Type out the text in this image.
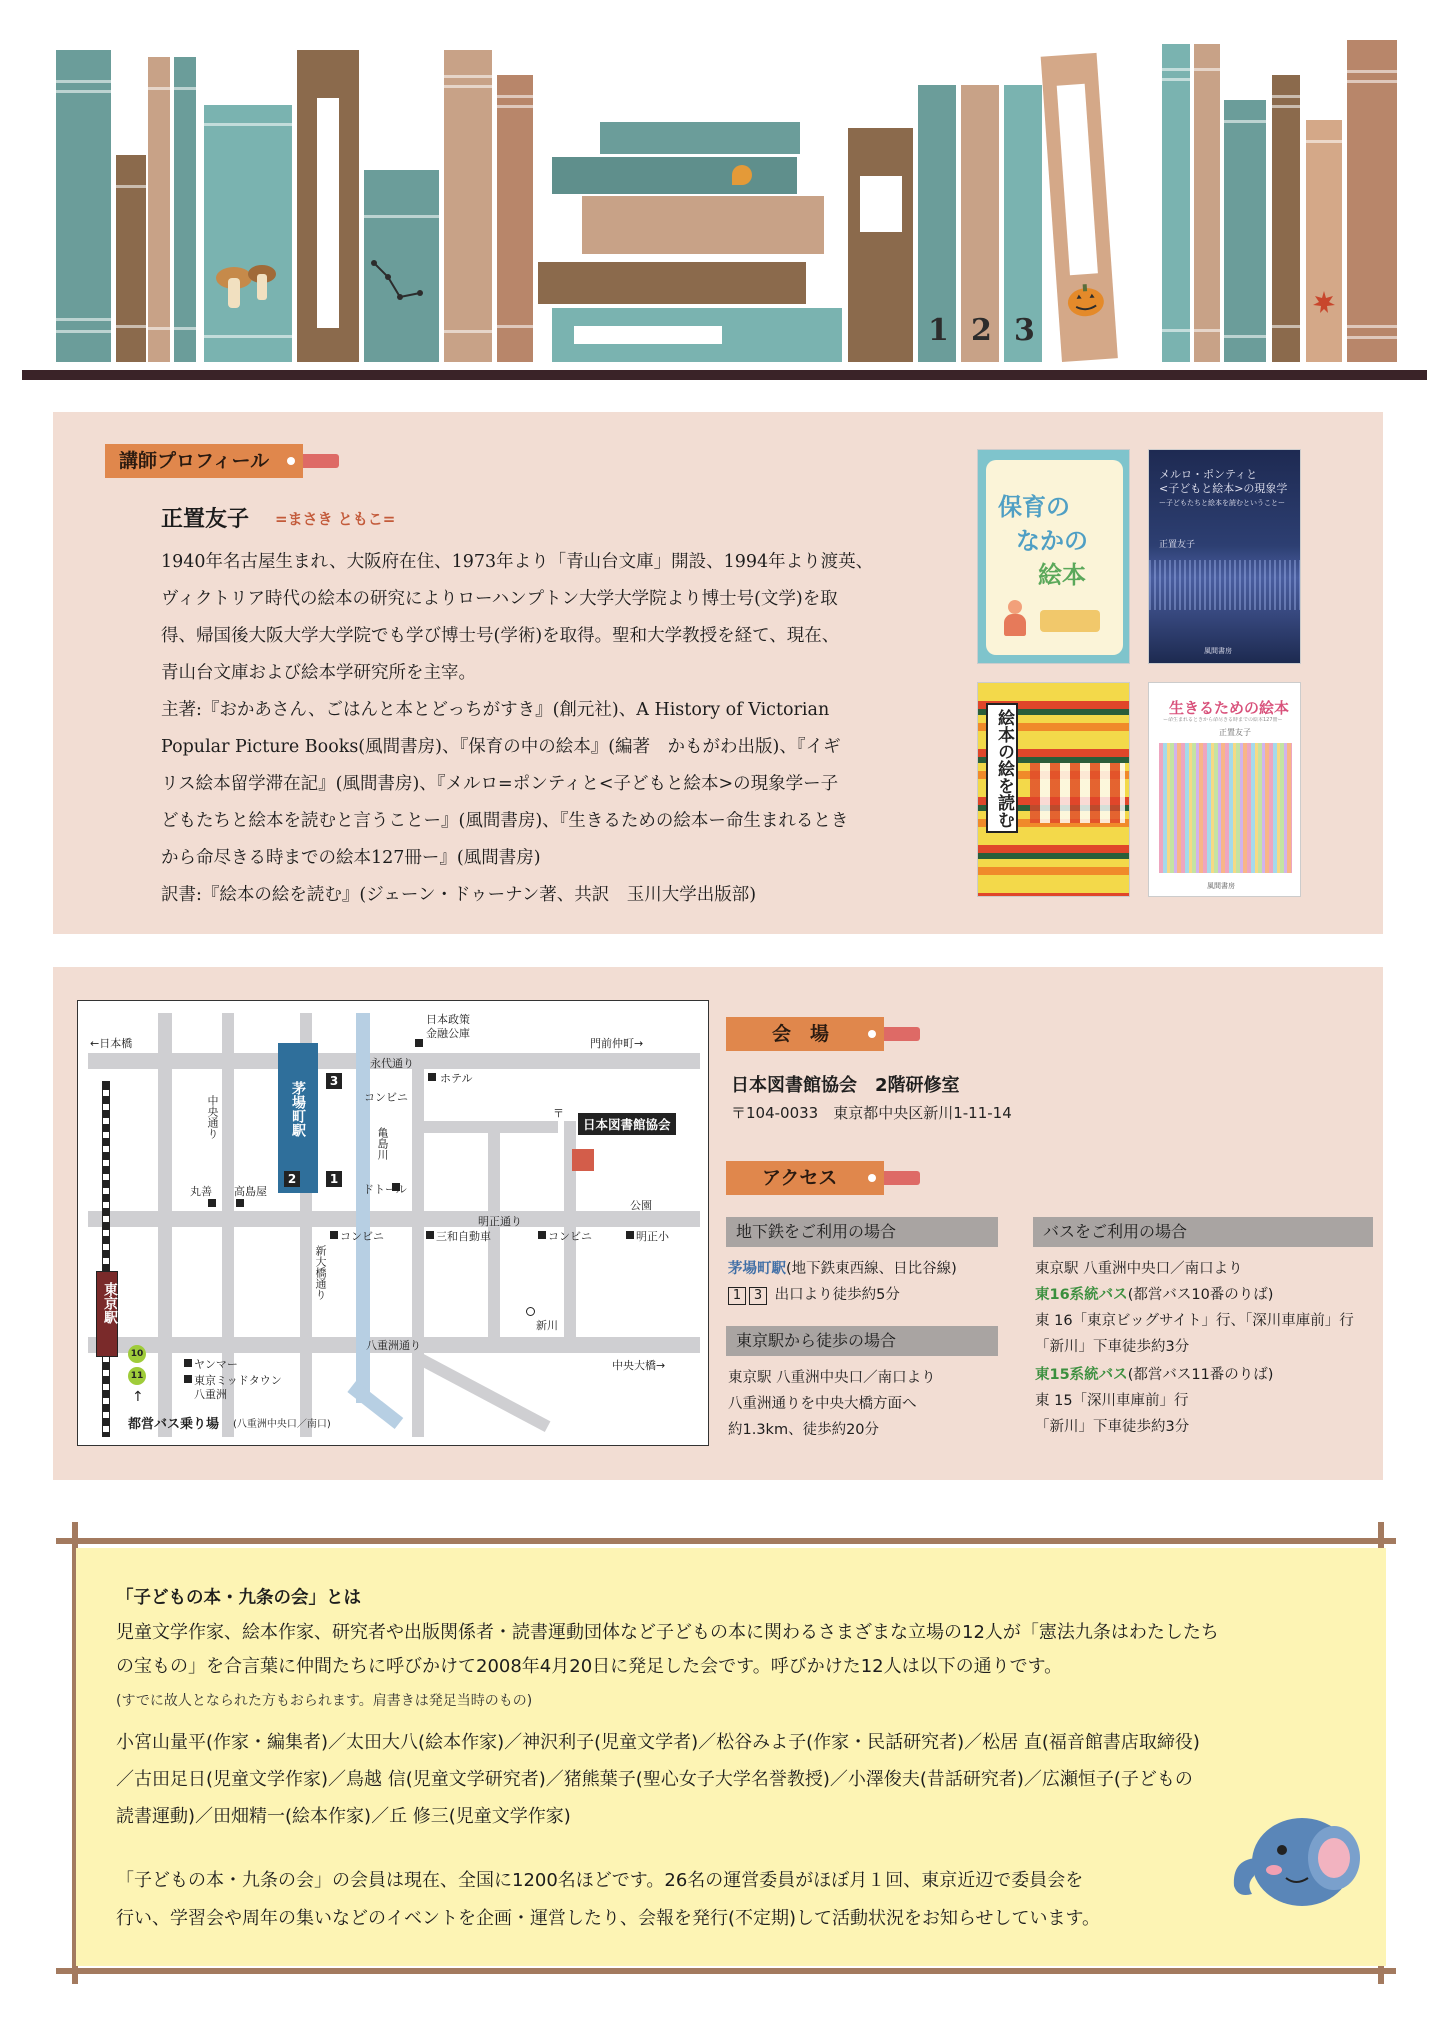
1 2 3
講師プロフィール
正置友子 =まさき ともこ=

1940年名古屋生まれ、大阪府在住、1973年より「青山台文庫」開設、1994年より渡英、

ヴィクトリア時代の絵本の研究によりローハンプトン大学大学院より博士号(文学)を取

得、帰国後大阪大学大学院でも学び博士号(学術)を取得。聖和大学教授を経て、現在、

青山台文庫および絵本学研究所を主宰。

主著:『おかあさん、ごはんと本とどっちがすき』(創元社)、A History of Victorian

Popular Picture Books(風間書房)、『保育の中の絵本』(編著　かもがわ出版)、『イギ

リス絵本留学滞在記』(風間書房)、『メルロ=ポンティと<子どもと絵本>の現象学ー子

どもたちと絵本を読むと言うことー』(風間書房)、『生きるための絵本ー命生まれるとき

から命尽きる時までの絵本127冊ー』(風間書房)

訳書:『絵本の絵を読む』(ジェーン・ドゥーナン著、共訳　玉川大学出版部)

保育の
なかの
絵本
メルロ・ポンティと
<子どもと絵本>の現象学
ー子どもたちと絵本を読むということー
正置友子
風間書房
絵本の絵を読む
生きるための絵本
ー命生まれるときから命尽きる時までの絵本127冊ー
正置友子
風間書房
東京駅
茅場町駅	3
2	1
日本図書館協会
←日本橋	門前仲町→
日本政策
金融公庫
永代通り
ホテル
コンビニ
中央通り
亀島川
〒
丸善 高島屋	ドトール
公園
明正通り
コンビニ	三和自動車	コンビニ	明正小
新大橋通り
新川
八重洲通り
中央大橋→
ヤンマー
東京ミッドタウン
八重洲
10
11
↑
都営バス乗り場 (八重洲中央口／南口)
会　場
日本図書館協会　2階研修室
〒104-0033　東京都中央区新川1-11-14
アクセス
地下鉄をご利用の場合
茅場町駅(地下鉄東西線、日比谷線)
1 3 出口より徒歩約5分
東京駅から徒歩の場合
東京駅 八重洲中央口／南口より
八重洲通りを中央大橋方面へ
約1.3km、徒歩約20分
バスをご利用の場合
東京駅 八重洲中央口／南口より
東16系統バス(都営バス10番のりば)
東 16「東京ビッグサイト」行、「深川車庫前」行
「新川」下車徒歩約3分
東15系統バス(都営バス11番のりば)
東 15「深川車庫前」行
「新川」下車徒歩約3分
「子どもの本・九条の会」とは
児童文学作家、絵本作家、研究者や出版関係者・読書運動団体など子どもの本に関わるさまざまな立場の12人が「憲法九条はわたしたち
の宝もの」を合言葉に仲間たちに呼びかけて2008年4月20日に発足した会です。呼びかけた12人は以下の通りです。
(すでに故人となられた方もおられます。肩書きは発足当時のもの)
小宮山量平(作家・編集者)／太田大八(絵本作家)／神沢利子(児童文学者)／松谷みよ子(作家・民話研究者)／松居 直(福音館書店取締役)
／古田足日(児童文学作家)／鳥越 信(児童文学研究者)／猪熊葉子(聖心女子大学名誉教授)／小澤俊夫(昔話研究者)／広瀬恒子(子どもの
読書運動)／田畑精一(絵本作家)／丘 修三(児童文学作家)
「子どもの本・九条の会」の会員は現在、全国に1200名ほどです。26名の運営委員がほぼ月１回、東京近辺で委員会を
行い、学習会や周年の集いなどのイベントを企画・運営したり、会報を発行(不定期)して活動状況をお知らせしています。
